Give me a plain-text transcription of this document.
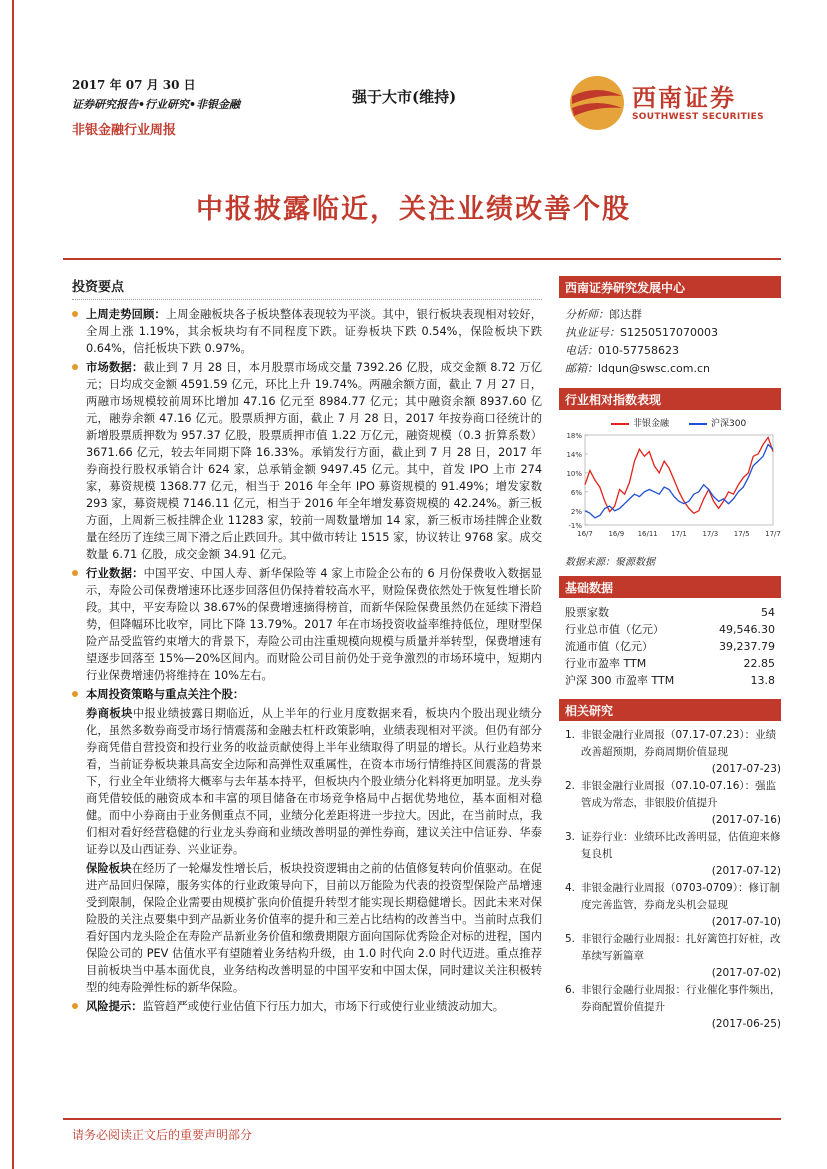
2017 年 07 月 30 日
证券研究报告•行业研究•非银金融
非银金融行业周报
强于大市(维持)	西南证券
SOUTHWEST SECURITIES
中报披露临近，关注业绩改善个股
投资要点
上周走势回顾：上周金融板块各子板块整体表现较为平淡。其中，银行板块表现相对较好，全周上涨 1.19%，其余板块均有不同程度下跌。证券板块下跌 0.54%，保险板块下跌 0.64%，信托板块下跌 0.97%。
市场数据：截止到 7 月 28 日，本月股票市场成交量 7392.26 亿股，成交金额 8.72 万亿元；日均成交金额 4591.59 亿元，环比上升 19.74%。两融余额方面，截止 7 月 27 日，两融市场规模较前周环比增加 47.16 亿元至 8984.77 亿元；其中融资余额 8937.60 亿元，融券余额 47.16 亿元。股票质押方面，截止 7 月 28 日，2017 年按券商口径统计的新增股票质押数为 957.37 亿股，股票质押市值 1.22 万亿元，融资规模（0.3 折算系数）3671.66 亿元，较去年同期下降 16.33%。承销发行方面，截止到 7 月 28 日，2017 年券商投行股权承销合计 624 家，总承销金额 9497.45 亿元。其中，首发 IPO 上市 274 家，募资规模 1368.77 亿元，相当于 2016 年全年 IPO 募资规模的 91.49%；增发家数 293 家，募资规模 7146.11 亿元，相当于 2016 年全年增发募资规模的 42.24%。新三板方面，上周新三板挂牌企业 11283 家，较前一周数量增加 14 家，新三板市场挂牌企业数量在经历了连续三周下滑之后止跌回升。其中做市转让 1515 家，协议转让 9768 家。成交数量 6.71 亿股，成交金额 34.91 亿元。
行业数据：中国平安、中国人寿、新华保险等 4 家上市险企公布的 6 月份保费收入数据显示，寿险公司保费增速环比逐步回落但仍保持着较高水平，财险保费依然处于恢复性增长阶段。其中，平安寿险以 38.67%的保费增速摘得榜首，而新华保险保费虽然仍在延续下滑趋势，但降幅环比收窄，同比下降 13.79%。2017 年在市场投资收益率维持低位，理财型保险产品受监管约束增大的背景下，寿险公司由注重规模向规模与质量并举转型，保费增速有望逐步回落至 15%—20%区间内。而财险公司目前仍处于竞争激烈的市场环境中，短期内行业保费增速仍将维持在 10%左右。
本周投资策略与重点关注个股：
券商板块中报业绩披露日期临近，从上半年的行业月度数据来看，板块内个股出现业绩分化，虽然多数券商受市场行情震荡和金融去杠杆政策影响，业绩表现相对平淡。但仍有部分券商凭借自营投资和投行业务的收益贡献使得上半年业绩取得了明显的增长。从行业趋势来看，当前证券板块兼具高安全边际和高弹性双重属性，在资本市场行情维持区间震荡的背景下，行业全年业绩将大概率与去年基本持平，但板块内个股业绩分化料将更加明显。龙头券商凭借较低的融资成本和丰富的项目储备在市场竞争格局中占据优势地位，基本面相对稳健。而中小券商由于业务侧重点不同，业绩分化差距将进一步拉大。因此，在当前时点，我们相对看好经营稳健的行业龙头券商和业绩改善明显的弹性券商，建议关注中信证券、华泰证券以及山西证券、兴业证券。
保险板块在经历了一轮爆发性增长后，板块投资逻辑由之前的估值修复转向价值驱动。在促进产品回归保障，服务实体的行业政策导向下，目前以万能险为代表的投资型保险产品增速受到限制，保险企业需要由规模扩张向价值提升转型才能实现长期稳健增长。因此未来对保险股的关注点要集中到产品新业务价值率的提升和三差占比结构的改善当中。当前时点我们看好国内龙头险企在寿险产品新业务价值和缴费期限方面向国际优秀险企对标的进程，国内保险公司的 PEV 估值水平有望随着业务结构升级，由 1.0 时代向 2.0 时代迈进。重点推荐目前板块当中基本面优良，业务结构改善明显的中国平安和中国太保，同时建议关注积极转型的纯寿险弹性标的新华保险。
风险提示：监管趋严或使行业估值下行压力加大，市场下行或使行业业绩波动加大。
西南证券研究发展中心
分析师：郎达群
执业证号：S1250517070003
电话：010-57758623
邮箱：ldqun@swsc.com.cn
行业相对指数表现
非银金融	沪深300
18%
14%
10%
6%
2%
-1%
16/7 16/9 16/11 17/1 17/3 17/5 17/7
数据来源：聚源数据
基础数据
股票家数	54
行业总市值（亿元）	49,546.30
流通市值（亿元）	39,237.79
行业市盈率 TTM	22.85
沪深 300 市盈率 TTM	13.8
相关研究
1. 非银金融行业周报（07.17-07.23）：业绩改善超预期，券商周期价值显现
(2017-07-23)
2. 非银金融行业周报（07.10-07.16）：强监管成为常态，非银股价值提升
(2017-07-16)
3. 证券行业：业绩环比改善明显，估值迎来修复良机
(2017-07-12)
4. 非银金融行业周报（0703-0709）：修订制度完善监管，券商龙头机会显现
(2017-07-10)
5. 非银行金融行业周报：扎好篱笆打好桩，改革续写新篇章
(2017-07-02)
6. 非银行金融行业周报：行业催化事件频出，券商配置价值提升
(2017-06-25)
请务必阅读正文后的重要声明部分
